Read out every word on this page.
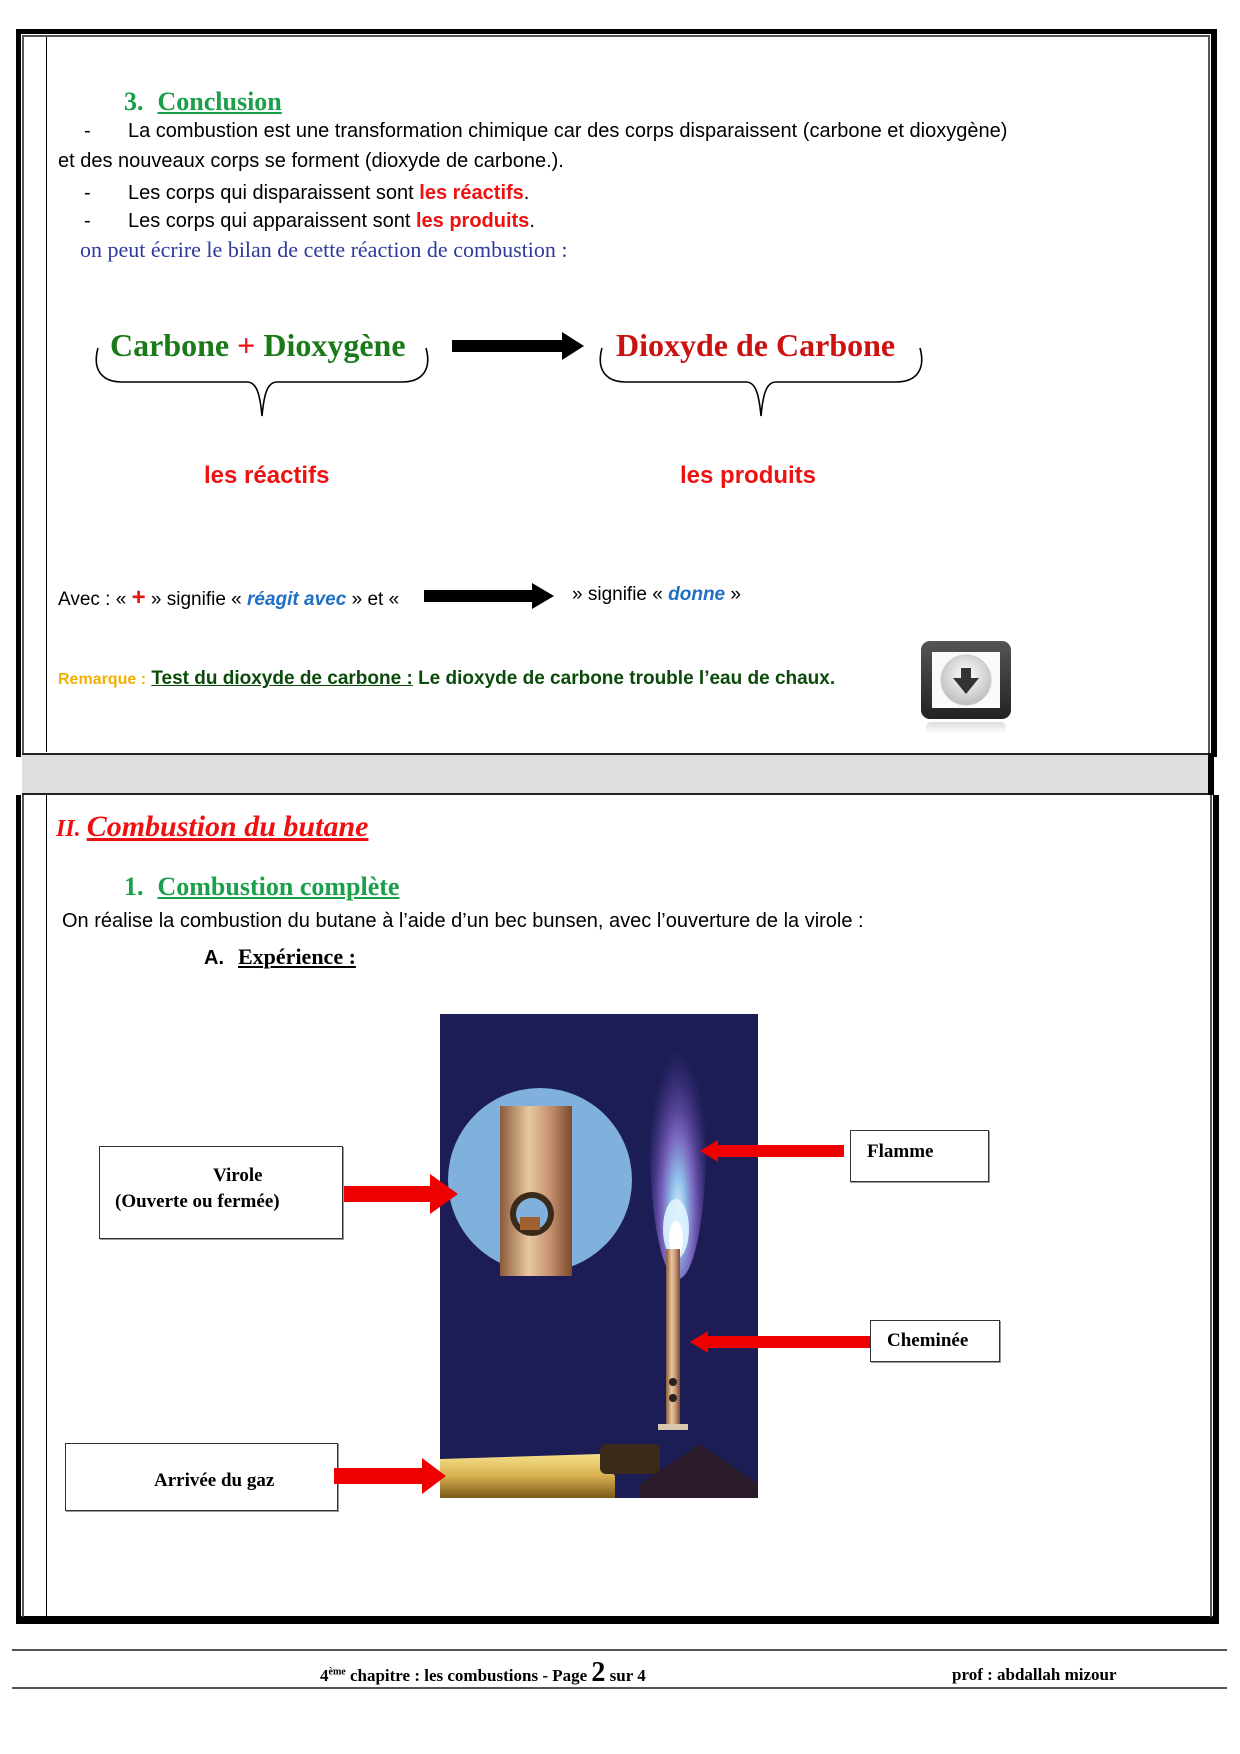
3. Conclusion
- La combustion est une transformation chimique car des corps disparaissent (carbone et dioxygène)
et des nouveaux corps se forment (dioxyde de carbone.).
- Les corps qui disparaissent sont les réactifs.
- Les corps qui apparaissent sont les produits.
on peut écrire le bilan de cette réaction de combustion :
Carbone + Dioxygène	Dioxyde de Carbone
les réactifs	les produits
Avec : « + » signifie « réagit avec » et «	» signifie « donne »
Remarque : Test du dioxyde de carbone : Le dioxyde de carbone trouble l’eau de chaux.
II. Combustion du butane
1. Combustion complète
On réalise la combustion du butane à l’aide d’un bec bunsen, avec l’ouverture de la virole :
A. Expérience :
Virole
(Ouverte ou fermée)
Flamme
Cheminée
Arrivée du gaz
4ème chapitre : les combustions - Page 2 sur 4	prof : abdallah mizour
